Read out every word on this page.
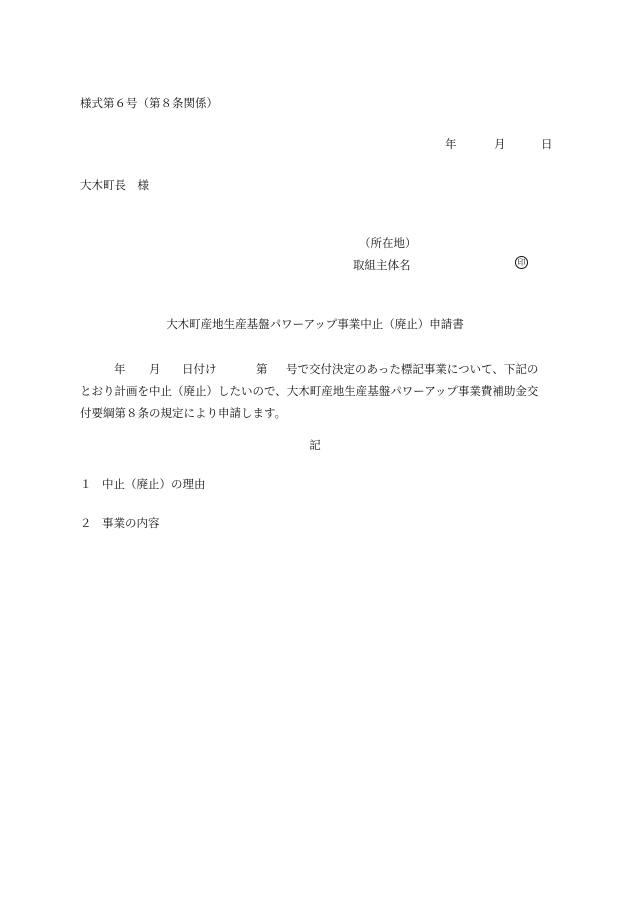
様式第６号（第８条関係）
年	月	日
大木町長　様
（所在地）
取組主体名	印
大木町産地生産基盤パワーアップ事業中止（廃止）申請書
年 月 日付け	第 号で交付決定のあった標記事業について、下記の
とおり計画を中止（廃止）したいので、大木町産地生産基盤パワーアップ事業費補助金交
付要綱第８条の規定により申請します。
記
１ 中止（廃止）の理由
２ 事業の内容
